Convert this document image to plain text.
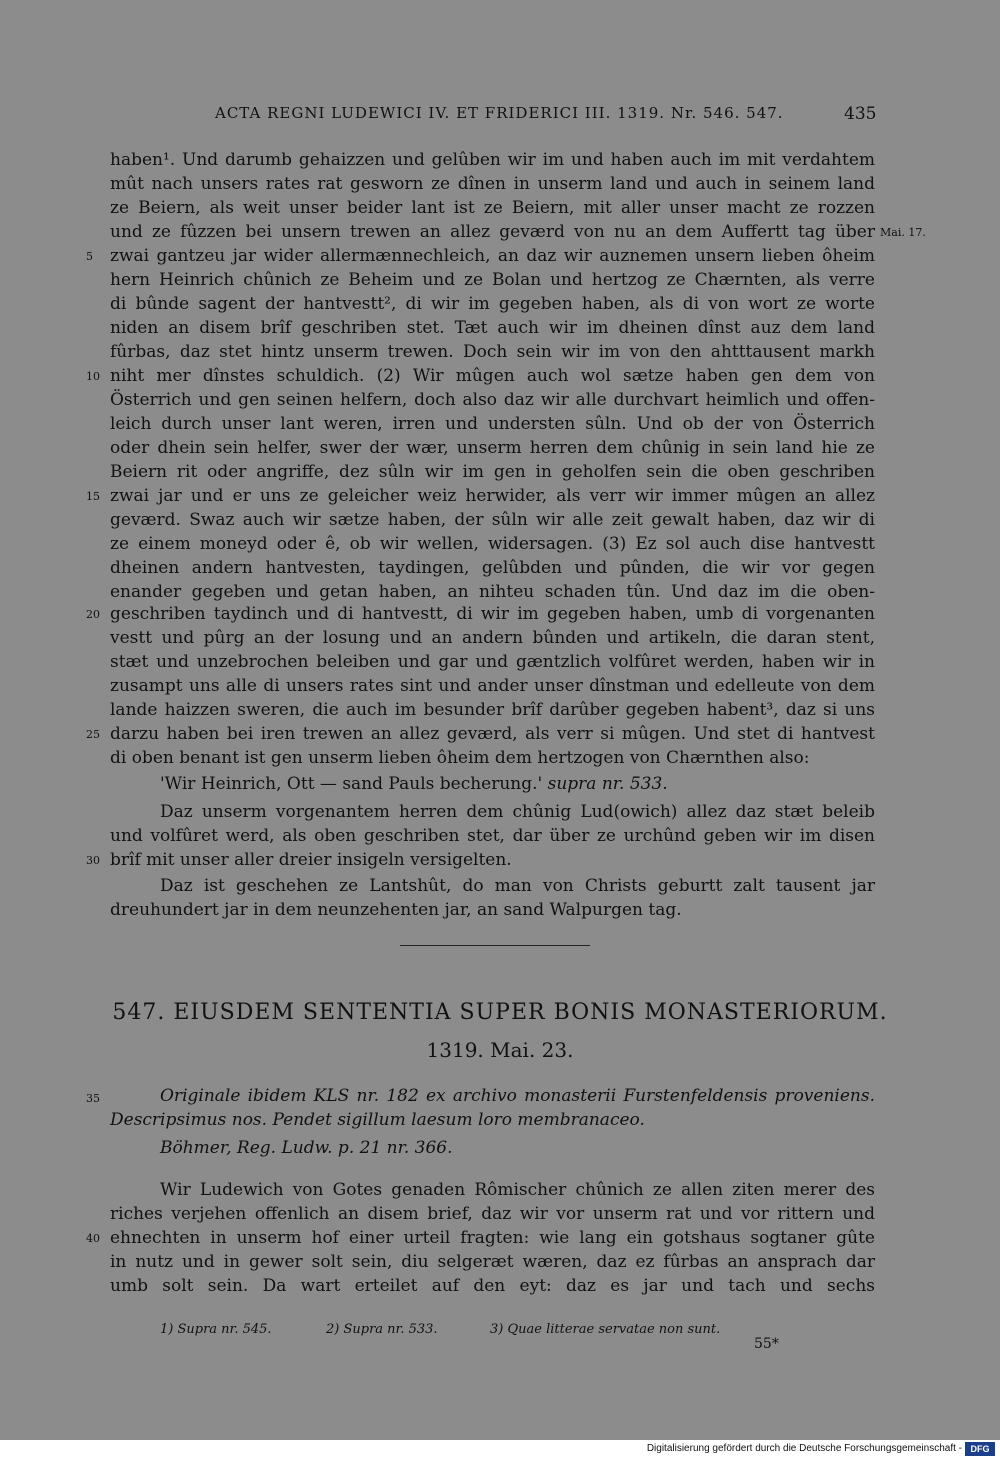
ACTA REGNI LUDEWICI IV. ET FRIDERICI III. 1319. Nr. 546. 547.	435
haben¹. Und darumb gehaizzen und gelûben wir im und haben auch im mit verdahtem
mût nach unsers rates rat gesworn ze dînen in unserm land und auch in seinem land
ze Beiern, als weit unser beider lant ist ze Beiern, mit aller unser macht ze rozzen
und ze fûzzen bei unsern trewen an allez geværd von nu an dem Auffertt tag über Mai. 17.
5 zwai gantzeu jar wider allermænnechleich, an daz wir auznemen unsern lieben ôheim
hern Heinrich chûnich ze Beheim und ze Bolan und hertzog ze Chærnten, als verre
di bûnde sagent der hantvestt², di wir im gegeben haben, als di von wort ze worte
niden an disem brîf geschriben stet. Tæt auch wir im dheinen dînst auz dem land
fûrbas, daz stet hintz unserm trewen. Doch sein wir im von den ahtttausent markh
10 niht mer dînstes schuldich. (2) Wir mûgen auch wol sætze haben gen dem von
Österrich und gen seinen helfern, doch also daz wir alle durchvart heimlich und offen-
leich durch unser lant weren, irren und understen sûln. Und ob der von Österrich
oder dhein sein helfer, swer der wær, unserm herren dem chûnig in sein land hie ze
Beiern rit oder angriffe, dez sûln wir im gen in geholfen sein die oben geschriben
15 zwai jar und er uns ze geleicher weiz herwider, als verr wir immer mûgen an allez
geværd. Swaz auch wir sætze haben, der sûln wir alle zeit gewalt haben, daz wir di
ze einem moneyd oder ê, ob wir wellen, widersagen. (3) Ez sol auch dise hantvestt
dheinen andern hantvesten, taydingen, gelûbden und pûnden, die wir vor gegen
enander gegeben und getan haben, an nihteu schaden tûn. Und daz im die oben-
20 geschriben taydinch und di hantvestt, di wir im gegeben haben, umb di vorgenanten
vestt und pûrg an der losung und an andern bûnden und artikeln, die daran stent,
stæt und unzebrochen beleiben und gar und gæntzlich volfûret werden, haben wir in
zusampt uns alle di unsers rates sint und ander unser dînstman und edelleute von dem
lande haizzen sweren, die auch im besunder brîf darûber gegeben habent³, daz si uns
25 darzu haben bei iren trewen an allez geværd, als verr si mûgen. Und stet di hantvest
di oben benant ist gen unserm lieben ôheim dem hertzogen von Chærnthen also:
'Wir Heinrich, Ott — sand Pauls becherung.' supra nr. 533.
Daz unserm vorgenantem herren dem chûnig Lud(owich) allez daz stæt beleib
und volfûret werd, als oben geschriben stet, dar über ze urchûnd geben wir im disen
30 brîf mit unser aller dreier insigeln versigelten.
Daz ist geschehen ze Lantshût, do man von Christs geburtt zalt tausent jar
dreuhundert jar in dem neunzehenten jar, an sand Walpurgen tag.
547. EIUSDEM SENTENTIA SUPER BONIS MONASTERIORUM.
1319. Mai. 23.
35	Originale ibidem KLS nr. 182 ex archivo monasterii Furstenfeldensis proveniens.
Descripsimus nos. Pendet sigillum laesum loro membranaceo.
Böhmer, Reg. Ludw. p. 21 nr. 366.
Wir Ludewich von Gotes genaden Rômischer chûnich ze allen ziten merer des
riches verjehen offenlich an disem brief, daz wir vor unserm rat und vor rittern und
40 ehnechten in unserm hof einer urteil fragten: wie lang ein gotshaus sogtaner gûte
in nutz und in gewer solt sein, diu selgeræt wæren, daz ez fûrbas an ansprach dar
umb solt sein. Da wart erteilet auf den eyt: daz es jar und tach und sechs
1) Supra nr. 545.	2) Supra nr. 533.	3) Quae litterae servatae non sunt.
55*
Digitalisierung gefördert durch die Deutsche Forschungsgemeinschaft - DFG
